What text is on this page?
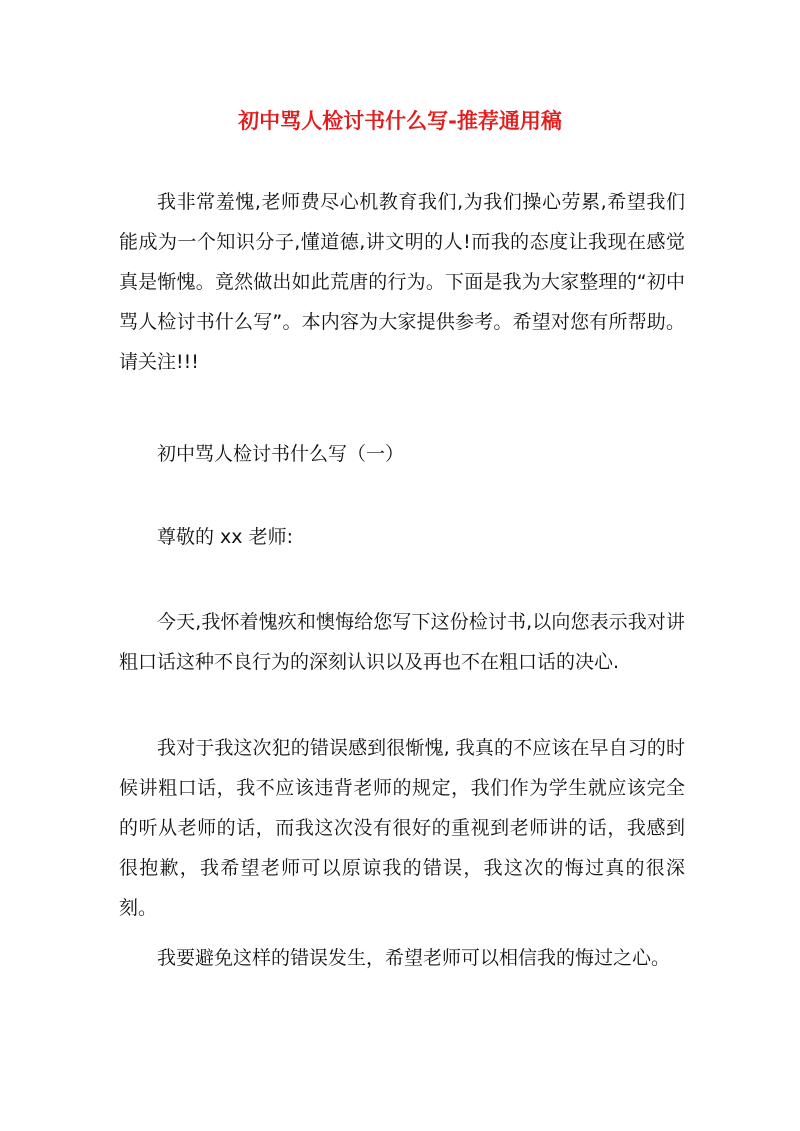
初中骂人检讨书什么写-推荐通用稿

我非常羞愧,老师费尽心机教育我们,为我们操心劳累,希望我们能成为一个知识分子,懂道德,讲文明的人!而我的态度让我现在感觉真是惭愧。竟然做出如此荒唐的行为。下面是我为大家整理的“初中骂人检讨书什么写”。本内容为大家提供参考。希望对您有所帮助。请关注!!!

初中骂人检讨书什么写（一）

尊敬的 xx 老师:

今天,我怀着愧疚和懊悔给您写下这份检讨书,以向您表示我对讲粗口话这种不良行为的深刻认识以及再也不在粗口话的决心.

我对于我这次犯的错误感到很惭愧, 我真的不应该在早自习的时候讲粗口话，我不应该违背老师的规定，我们作为学生就应该完全的听从老师的话，而我这次没有很好的重视到老师讲的话，我感到很抱歉，我希望老师可以原谅我的错误，我这次的悔过真的很深刻。

我要避免这样的错误发生，希望老师可以相信我的悔过之心。
